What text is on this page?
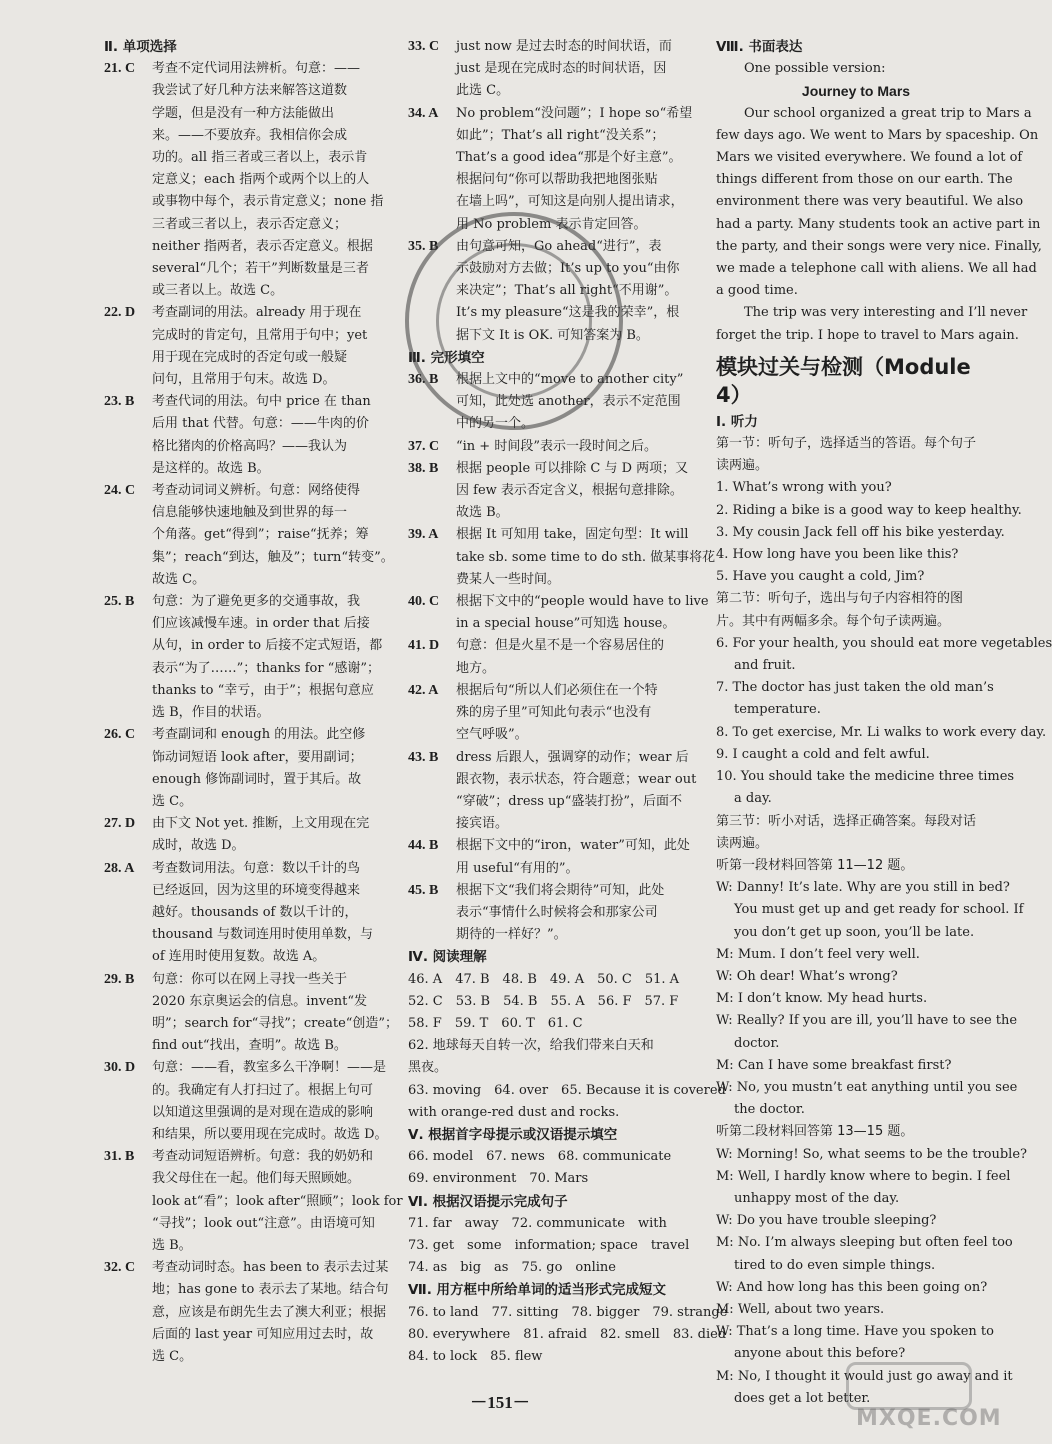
Ⅱ. 单项选择
21. C 考查不定代词用法辨析。句意：——
我尝试了好几种方法来解答这道数
学题，但是没有一种方法能做出
来。——不要放弃。我相信你会成
功的。all 指三者或三者以上，表示肯
定意义；each 指两个或两个以上的人
或事物中每个，表示肯定意义；none 指
三者或三者以上，表示否定意义；
neither 指两者，表示否定意义。根据
several“几个；若干”判断数量是三者
或三者以上。故选 C。
22. D 考查副词的用法。already 用于现在
完成时的肯定句，且常用于句中；yet
用于现在完成时的否定句或一般疑
问句，且常用于句末。故选 D。
23. B 考查代词的用法。句中 price 在 than
后用 that 代替。句意：——牛肉的价
格比猪肉的价格高吗？——我认为
是这样的。故选 B。
24. C 考查动词词义辨析。句意：网络使得
信息能够快速地触及到世界的每一
个角落。get“得到”；raise“抚养；筹
集”；reach“到达，触及”；turn“转变”。
故选 C。
25. B 句意：为了避免更多的交通事故，我
们应该减慢车速。in order that 后接
从句，in order to 后接不定式短语，都
表示“为了……”；thanks for “感谢”；
thanks to “幸亏，由于”；根据句意应
选 B，作目的状语。
26. C 考查副词和 enough 的用法。此空修
饰动词短语 look after，要用副词；
enough 修饰副词时，置于其后。故
选 C。
27. D 由下文 Not yet. 推断，上文用现在完
成时，故选 D。
28. A 考查数词用法。句意：数以千计的鸟
已经返回，因为这里的环境变得越来
越好。thousands of 数以千计的，
thousand 与数词连用时使用单数，与
of 连用时使用复数。故选 A。
29. B 句意：你可以在网上寻找一些关于
2020 东京奥运会的信息。invent“发
明”；search for“寻找”；create“创造”；
find out“找出，查明”。故选 B。
30. D 句意：——看，教室多么干净啊！——是
的。我确定有人打扫过了。根据上句可
以知道这里强调的是对现在造成的影响
和结果，所以要用现在完成时。故选 D。
31. B 考查动词短语辨析。句意：我的奶奶和
我父母住在一起。他们每天照顾她。
look at“看”；look after“照顾”；look for
“寻找”；look out“注意”。由语境可知
选 B。
32. C 考查动词时态。has been to 表示去过某
地；has gone to 表示去了某地。结合句
意，应该是布朗先生去了澳大利亚；根据
后面的 last year 可知应用过去时，故
选 C。
33. C just now 是过去时态的时间状语，而
just 是现在完成时态的时间状语，因
此选 C。
34. A No problem“没问题”；I hope so“希望
如此”；That’s all right“没关系”；
That’s a good idea“那是个好主意”。
根据问句“你可以帮助我把地图张贴
在墙上吗”，可知这是向别人提出请求，
用 No problem 表示肯定回答。
35. B 由句意可知，Go ahead“进行”，表
示鼓励对方去做；It’s up to you“由你
来决定”；That’s all right“不用谢”。
It’s my pleasure“这是我的荣幸”，根
据下文 It is OK. 可知答案为 B。
Ⅲ. 完形填空
36. B 根据上文中的“move to another city”
可知，此处选 another，表示不定范围
中的另一个。
37. C “in + 时间段”表示一段时间之后。
38. B 根据 people 可以排除 C 与 D 两项；又
因 few 表示否定含义，根据句意排除。
故选 B。
39. A 根据 It 可知用 take，固定句型：It will
take sb. some time to do sth. 做某事将花
费某人一些时间。
40. C 根据下文中的“people would have to live
in a special house”可知选 house。
41. D 句意：但是火星不是一个容易居住的
地方。
42. A 根据后句“所以人们必须住在一个特
殊的房子里”可知此句表示“也没有
空气呼吸”。
43. B dress 后跟人，强调穿的动作；wear 后
跟衣物，表示状态，符合题意；wear out
“穿破”；dress up“盛装打扮”，后面不
接宾语。
44. B 根据下文中的“iron，water”可知，此处
用 useful“有用的”。
45. B 根据下文“我们将会期待”可知，此处
表示“事情什么时候将会和那家公司
期待的一样好？”。
Ⅳ. 阅读理解
46. A　47. B　48. B　49. A　50. C　51. A
52. C　53. B　54. B　55. A　56. F　57. F
58. F　59. T　60. T　61. C
62. 地球每天自转一次，给我们带来白天和
黑夜。
63. moving　64. over　65. Because it is covered
with orange-red dust and rocks.
Ⅴ. 根据首字母提示或汉语提示填空
66. model　67. news　68. communicate
69. environment　70. Mars
Ⅵ. 根据汉语提示完成句子
71. far　away　72. communicate　with
73. get　some　information; space　travel
74. as　big　as　75. go　online
Ⅶ. 用方框中所给单词的适当形式完成短文
76. to land　77. sitting　78. bigger　79. strange
80. everywhere　81. afraid　82. smell　83. died
84. to lock　85. flew
Ⅷ. 书面表达
One possible version:
Journey to Mars
Our school organized a great trip to Mars a
few days ago. We went to Mars by spaceship. On
Mars we visited everywhere. We found a lot of
things different from those on our earth. The
environment there was very beautiful. We also
had a party. Many students took an active part in
the party, and their songs were very nice. Finally,
we made a telephone call with aliens. We all had
a good time.
The trip was very interesting and I’ll never
forget the trip. I hope to travel to Mars again.
模块过关与检测（Module 4）
Ⅰ. 听力
第一节：听句子，选择适当的答语。每个句子
读两遍。
1. What’s wrong with you?
2. Riding a bike is a good way to keep healthy.
3. My cousin Jack fell off his bike yesterday.
4. How long have you been like this?
5. Have you caught a cold, Jim?
第二节：听句子，选出与句子内容相符的图
片。其中有两幅多余。每个句子读两遍。
6. For your health, you should eat more vegetables
and fruit.
7. The doctor has just taken the old man’s
temperature.
8. To get exercise, Mr. Li walks to work every day.
9. I caught a cold and felt awful.
10. You should take the medicine three times
a day.
第三节：听小对话，选择正确答案。每段对话
读两遍。
听第一段材料回答第 11—12 题。
W: Danny! It’s late. Why are you still in bed?
You must get up and get ready for school. If
you don’t get up soon, you’ll be late.
M: Mum. I don’t feel very well.
W: Oh dear! What’s wrong?
M: I don’t know. My head hurts.
W: Really? If you are ill, you’ll have to see the
doctor.
M: Can I have some breakfast first?
W: No, you mustn’t eat anything until you see
the doctor.
听第二段材料回答第 13—15 题。
W: Morning! So, what seems to be the trouble?
M: Well, I hardly know where to begin. I feel
unhappy most of the day.
W: Do you have trouble sleeping?
M: No. I’m always sleeping but often feel too
tired to do even simple things.
W: And how long has this been going on?
M: Well, about two years.
W: That’s a long time. Have you spoken to
anyone about this before?
M: No, I thought it would just go away and it
does get a lot better.
－151－
MXQE.COM
